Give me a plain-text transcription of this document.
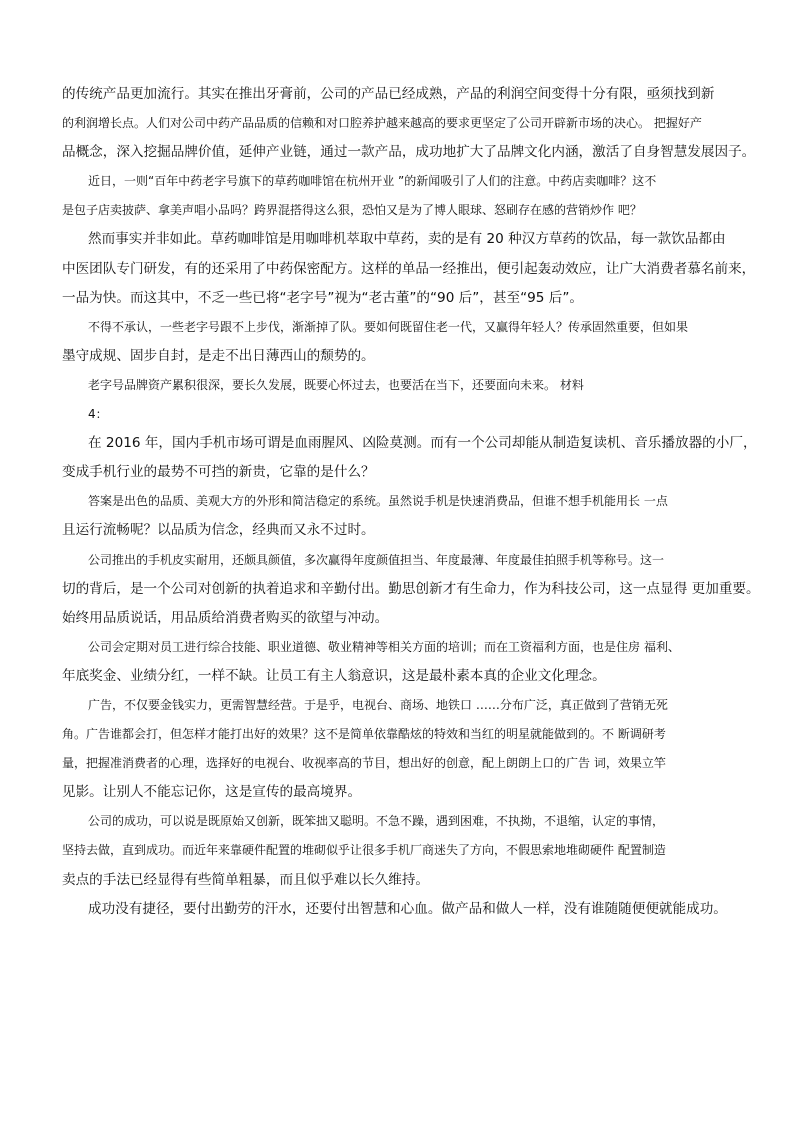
的传统产品更加流行。其实在推出牙膏前，公司的产品已经成熟，产品的利润空间变得十分有限，亟须找到新
的利润增长点。人们对公司中药产品品质的信赖和对口腔养护越来越高的要求更坚定了公司开辟新市场的决心。 把握好产
品概念，深入挖掘品牌价值，延伸产业链，通过一款产品，成功地扩大了品牌文化内涵，激活了自身智慧发展因子。
近日，一则“百年中药老字号旗下的草药咖啡馆在杭州开业 ”的新闻吸引了人们的注意。中药店卖咖啡？这不
是包子店卖披萨、拿美声唱小品吗？跨界混搭得这么狠，恐怕又是为了博人眼球、怒刷存在感的营销炒作 吧？
然而事实并非如此。草药咖啡馆是用咖啡机萃取中草药，卖的是有 20 种汉方草药的饮品，每一款饮品都由
中医团队专门研发，有的还采用了中药保密配方。这样的单品一经推出，便引起轰动效应，让广大消费者慕名前来，
一品为快。而这其中，不乏一些已将“老字号”视为“老古董”的“90 后”，甚至“95 后”。
不得不承认，一些老字号跟不上步伐，渐渐掉了队。要如何既留住老一代，又赢得年轻人？传承固然重要，但如果
墨守成规、固步自封，是走不出日薄西山的颓势的。
老字号品牌资产累积很深，要长久发展，既要心怀过去，也要活在当下，还要面向未来。 材料
4：
在 2016 年，国内手机市场可谓是血雨腥风、凶险莫测。而有一个公司却能从制造复读机、音乐播放器的小厂，
变成手机行业的最势不可挡的新贵，它靠的是什么？
答案是出色的品质、美观大方的外形和简洁稳定的系统。虽然说手机是快速消费品，但谁不想手机能用长 一点
且运行流畅呢？以品质为信念，经典而又永不过时。
公司推出的手机皮实耐用，还颇具颜值，多次赢得年度颜值担当、年度最薄、年度最佳拍照手机等称号。这一
切的背后，是一个公司对创新的执着追求和辛勤付出。勤思创新才有生命力，作为科技公司，这一点显得 更加重要。
始终用品质说话，用品质给消费者购买的欲望与冲动。
公司会定期对员工进行综合技能、职业道德、敬业精神等相关方面的培训；而在工资福利方面，也是住房 福利、
年底奖金、业绩分红，一样不缺。让员工有主人翁意识，这是最朴素本真的企业文化理念。
广告，不仅要金钱实力，更需智慧经营。于是乎，电视台、商场、地铁口 ……分布广泛，真正做到了营销无死
角。广告谁都会打，但怎样才能打出好的效果？这不是简单依靠酷炫的特效和当红的明星就能做到的。不 断调研考
量，把握准消费者的心理，选择好的电视台、收视率高的节目，想出好的创意，配上朗朗上口的广告 词，效果立竿
见影。让别人不能忘记你，这是宣传的最高境界。
公司的成功，可以说是既原始又创新，既笨拙又聪明。不急不躁，遇到困难，不执拗，不退缩，认定的事情，
坚持去做，直到成功。而近年来靠硬件配置的堆砌似乎让很多手机厂商迷失了方向，不假思索地堆砌硬件 配置制造
卖点的手法已经显得有些简单粗暴，而且似乎难以长久维持。
成功没有捷径，要付出勤劳的汗水，还要付出智慧和心血。做产品和做人一样，没有谁随随便便就能成功。
